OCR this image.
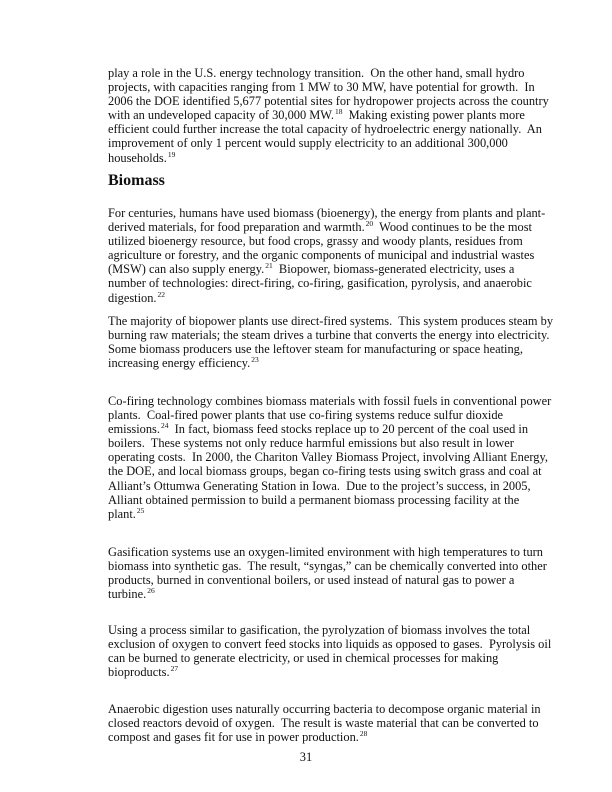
play a role in the U.S. energy technology transition.  On the other hand, small hydro
projects, with capacities ranging from 1 MW to 30 MW, have potential for growth.  In
2006 the DOE identified 5,677 potential sites for hydropower projects across the country
with an undeveloped capacity of 30,000 MW.$^{18}$  Making existing power plants more
efficient could further increase the total capacity of hydroelectric energy nationally.  An
improvement of only 1 percent would supply electricity to an additional 300,000
households.$^{19}$
Biomass
For centuries, humans have used biomass (bioenergy), the energy from plants and plant-
derived materials, for food preparation and warmth.$^{20}$  Wood continues to be the most
utilized bioenergy resource, but food crops, grassy and woody plants, residues from
agriculture or forestry, and the organic components of municipal and industrial wastes
(MSW) can also supply energy.$^{21}$  Biopower, biomass-generated electricity, uses a
number of technologies: direct-firing, co-firing, gasification, pyrolysis, and anaerobic
digestion.$^{22}$
The majority of biopower plants use direct-fired systems.  This system produces steam by
burning raw materials; the steam drives a turbine that converts the energy into electricity.
Some biomass producers use the leftover steam for manufacturing or space heating,
increasing energy efficiency.$^{23}$
Co-firing technology combines biomass materials with fossil fuels in conventional power
plants.  Coal-fired power plants that use co-firing systems reduce sulfur dioxide
emissions.$^{24}$  In fact, biomass feed stocks replace up to 20 percent of the coal used in
boilers.  These systems not only reduce harmful emissions but also result in lower
operating costs.  In 2000, the Chariton Valley Biomass Project, involving Alliant Energy,
the DOE, and local biomass groups, began co-firing tests using switch grass and coal at
Alliant’s Ottumwa Generating Station in Iowa.  Due to the project’s success, in 2005,
Alliant obtained permission to build a permanent biomass processing facility at the
plant.$^{25}$
Gasification systems use an oxygen-limited environment with high temperatures to turn
biomass into synthetic gas.  The result, “syngas,” can be chemically converted into other
products, burned in conventional boilers, or used instead of natural gas to power a
turbine.$^{26}$
Using a process similar to gasification, the pyrolyzation of biomass involves the total
exclusion of oxygen to convert feed stocks into liquids as opposed to gases.  Pyrolysis oil
can be burned to generate electricity, or used in chemical processes for making
bioproducts.$^{27}$
Anaerobic digestion uses naturally occurring bacteria to decompose organic material in
closed reactors devoid of oxygen.  The result is waste material that can be converted to
compost and gases fit for use in power production.$^{28}$
31
